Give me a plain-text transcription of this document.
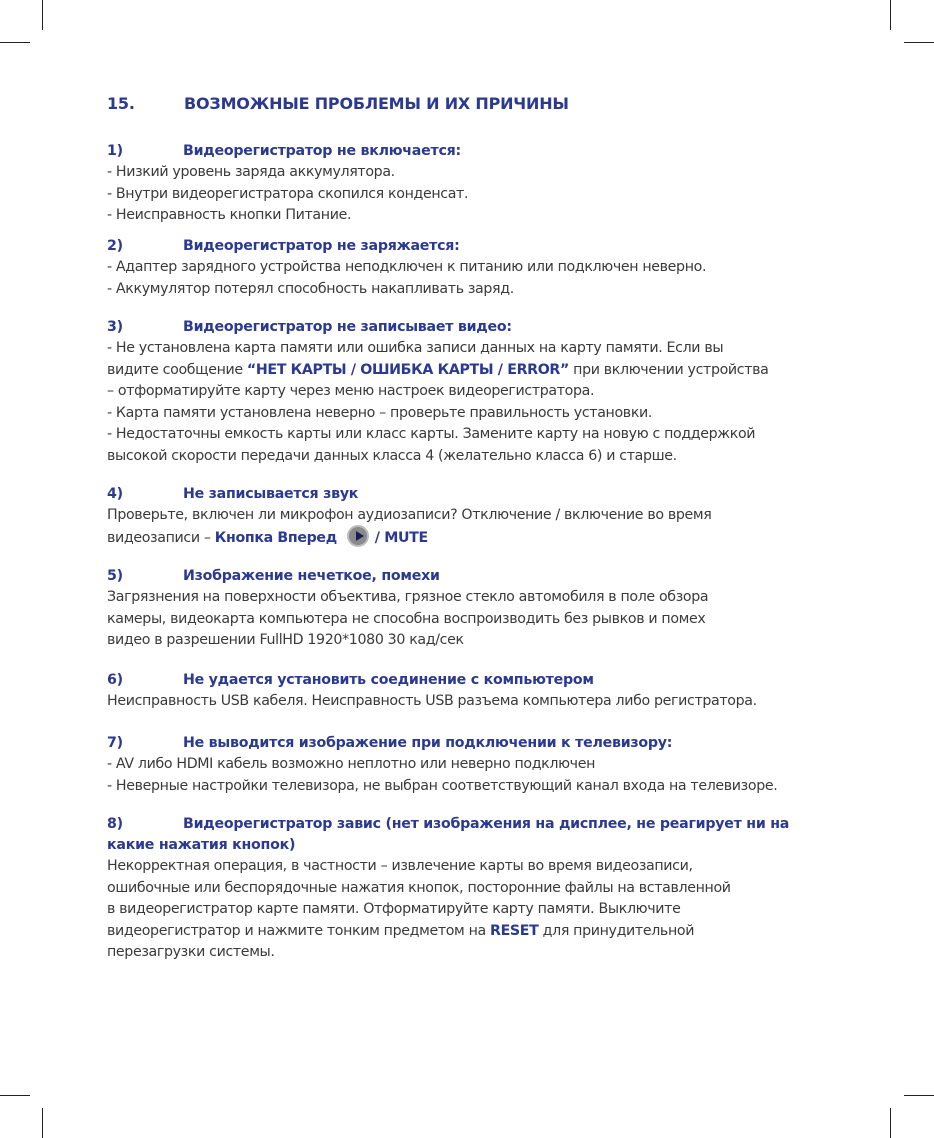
15.	ВОЗМОЖНЫЕ ПРОБЛЕМЫ И ИХ ПРИЧИНЫ
1)	Видеорегистратор не включается:
- Низкий уровень заряда аккумулятора.
- Внутри видеорегистратора скопился конденсат.
- Неисправность кнопки Питание.
2)	Видеорегистратор не заряжается:
- Адаптер зарядного устройства неподключен к питанию или подключен неверно.
- Аккумулятор потерял способность накапливать заряд.
3)	Видеорегистратор не записывает видео:
- Не установлена карта памяти или ошибка записи данных на карту памяти. Если вы
видите сообщение “НЕТ КАРТЫ / ОШИБКА КАРТЫ / ERROR” при включении устройства
– отформатируйте карту через меню настроек видеорегистратора.
- Карта памяти установлена неверно – проверьте правильность установки.
- Недостаточны емкость карты или класс карты. Замените карту на новую с поддержкой
высокой скорости передачи данных класса 4 (желательно класса 6) и старше.
4)	Не записывается звук
Проверьте, включен ли микрофон аудиозаписи? Отключение / включение во время
видеозаписи – Кнопка Вперед	/ MUTE
5)	Изображение нечеткое, помехи
Загрязнения на поверхности объектива, грязное стекло автомобиля в поле обзора
камеры, видеокарта компьютера не способна воспроизводить без рывков и помех
видео в разрешении FullHD 1920*1080 30 кад/сек
6)	Не удается установить соединение с компьютером
Неисправность USB кабеля. Неисправность USB разъема компьютера либо регистратора.
7)	Не выводится изображение при подключении к телевизору:
- AV либо HDMI кабель возможно неплотно или неверно подключен
- Неверные настройки телевизора, не выбран соответствующий канал входа на телевизоре.
8)	Видеорегистратор завис (нет изображения на дисплее, не реагирует ни на
какие нажатия кнопок)
Некорректная операция, в частности – извлечение карты во время видеозаписи,
ошибочные или беспорядочные нажатия кнопок, посторонние файлы на вставленной
в видеорегистратор карте памяти. Отформатируйте карту памяти. Выключите
видеорегистратор и нажмите тонким предметом на RESET для принудительной
перезагрузки системы.
